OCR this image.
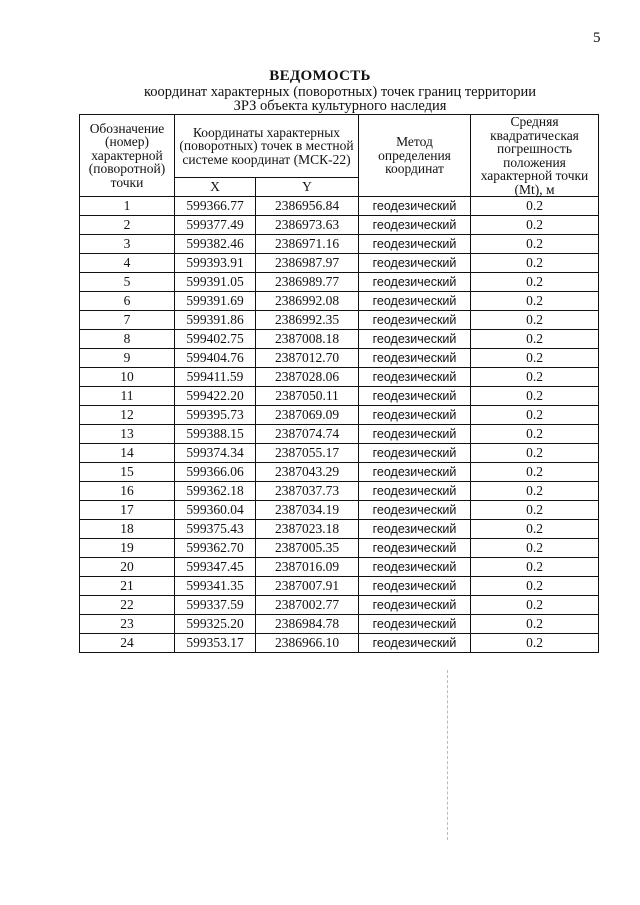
5
ВЕДОМОСТЬ
координат характерных (поворотных) точек границ территории
ЗРЗ объекта культурного наследия
Обозначение (номер) характерной (поворотной) точки	Координаты характерных (поворотных) точек в местной системе координат (МСК-22)		Метод определения координат	Средняя квадратическая погрешность положения характерной точки (Mt), м
	X	Y		
1	599366.77	2386956.84	геодезический	0.2
2	599377.49	2386973.63	геодезический	0.2
3	599382.46	2386971.16	геодезический	0.2
4	599393.91	2386987.97	геодезический	0.2
5	599391.05	2386989.77	геодезический	0.2
6	599391.69	2386992.08	геодезический	0.2
7	599391.86	2386992.35	геодезический	0.2
8	599402.75	2387008.18	геодезический	0.2
9	599404.76	2387012.70	геодезический	0.2
10	599411.59	2387028.06	геодезический	0.2
11	599422.20	2387050.11	геодезический	0.2
12	599395.73	2387069.09	геодезический	0.2
13	599388.15	2387074.74	геодезический	0.2
14	599374.34	2387055.17	геодезический	0.2
15	599366.06	2387043.29	геодезический	0.2
16	599362.18	2387037.73	геодезический	0.2
17	599360.04	2387034.19	геодезический	0.2
18	599375.43	2387023.18	геодезический	0.2
19	599362.70	2387005.35	геодезический	0.2
20	599347.45	2387016.09	геодезический	0.2
21	599341.35	2387007.91	геодезический	0.2
22	599337.59	2387002.77	геодезический	0.2
23	599325.20	2386984.78	геодезический	0.2
24	599353.17	2386966.10	геодезический	0.2
